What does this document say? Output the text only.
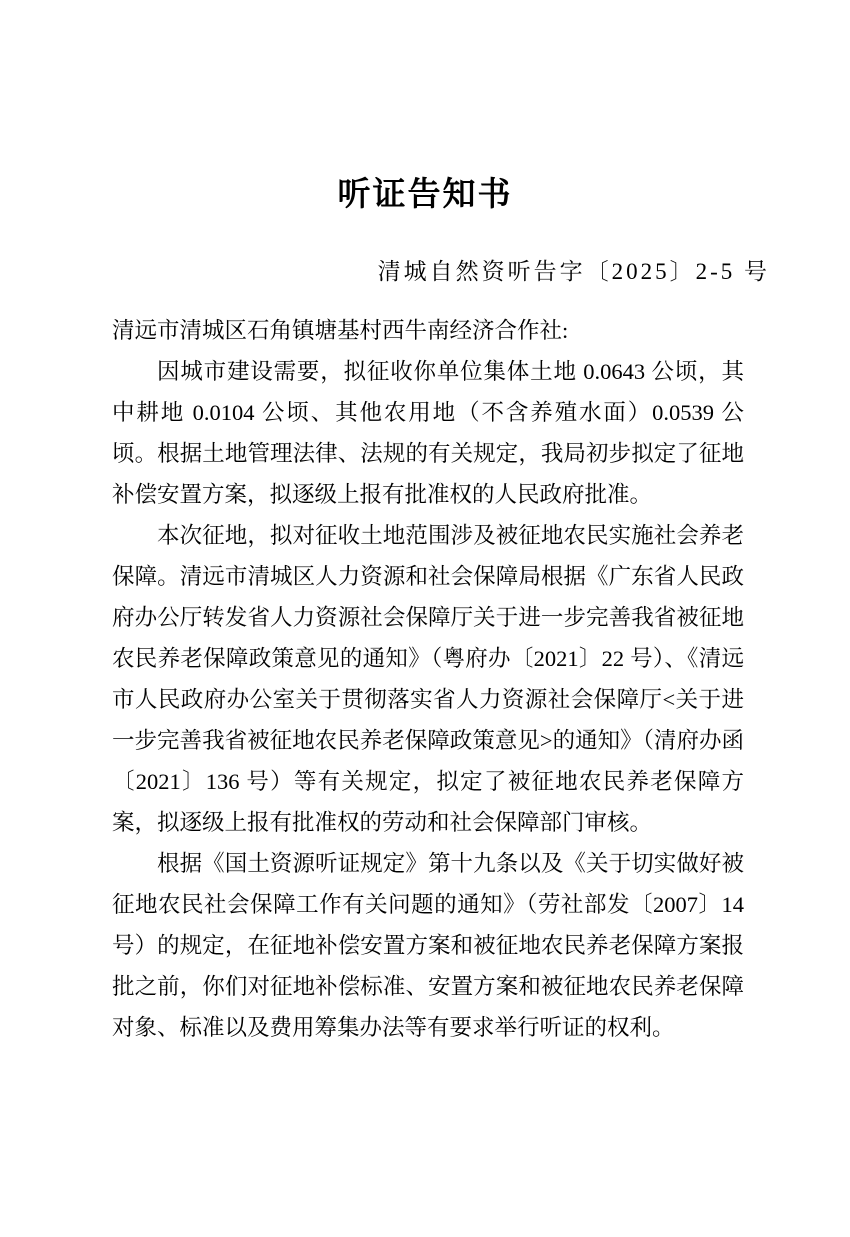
听证告知书
清城自然资听告字〔2025〕2-5 号

清远市清城区石角镇塘基村西牛南经济合作社:

因城市建设需要，拟征收你单位集体土地 0.0643 公顷，其中耕地 0.0104 公顷、其他农用地（不含养殖水面）0.0539 公顷。根据土地管理法律、法规的有关规定，我局初步拟定了征地补偿安置方案，拟逐级上报有批准权的人民政府批准。

本次征地，拟对征收土地范围涉及被征地农民实施社会养老保障。清远市清城区人力资源和社会保障局根据《广东省人民政府办公厅转发省人力资源社会保障厅关于进一步完善我省被征地农民养老保障政策意见的通知》（粤府办〔2021〕22 号）、《清远市人民政府办公室关于贯彻落实省人力资源社会保障厅<关于进一步完善我省被征地农民养老保障政策意见>的通知》（清府办函〔2021〕136 号）等有关规定，拟定了被征地农民养老保障方案，拟逐级上报有批准权的劳动和社会保障部门审核。

根据《国土资源听证规定》第十九条以及《关于切实做好被征地农民社会保障工作有关问题的通知》（劳社部发〔2007〕14 号）的规定，在征地补偿安置方案和被征地农民养老保障方案报批之前，你们对征地补偿标准、安置方案和被征地农民养老保障对象、标准以及费用筹集办法等有要求举行听证的权利。
